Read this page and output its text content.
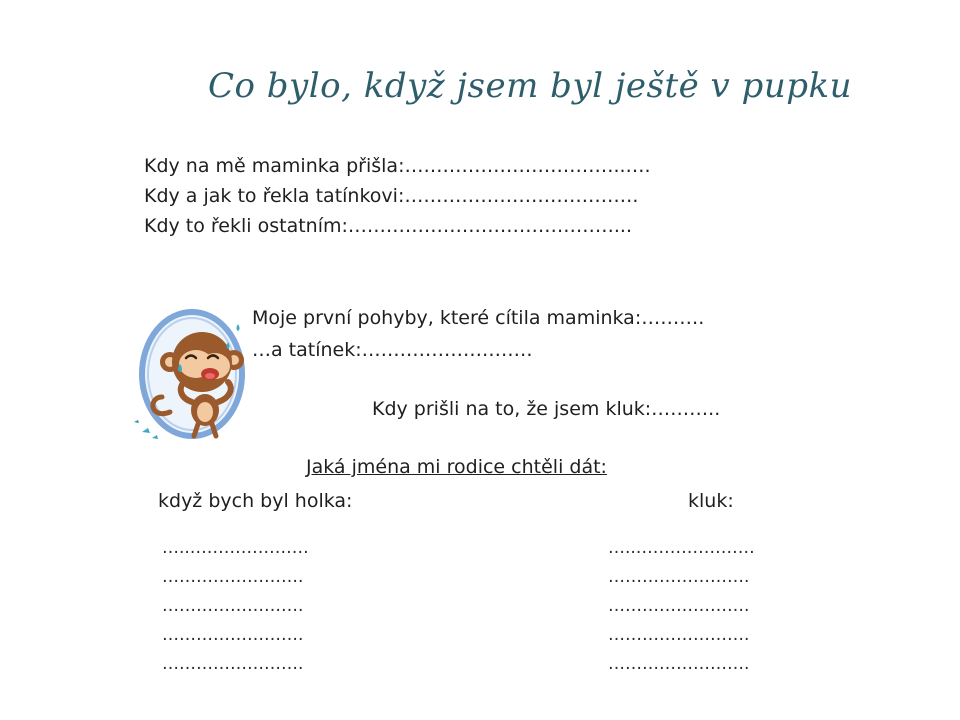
Co bylo, když jsem byl ještě v pupku
Kdy na mě maminka přišla:……………………………..….
Kdy a jak to řekla tatínkovi:……………………………….
Kdy to řekli ostatním:……………………………………...
Moje první pohyby, které cítila maminka:……….
…a tatínek:………………………
Kdy prišli na to, že jsem kluk:………..
Jaká jména mi rodice chtěli dát:
když bych byl holka:	kluk:
…..…………………
…………………….
…………………….
…………………….
…………………….
…..…………………
…………………….
…………………….
…………………….
…………………….
